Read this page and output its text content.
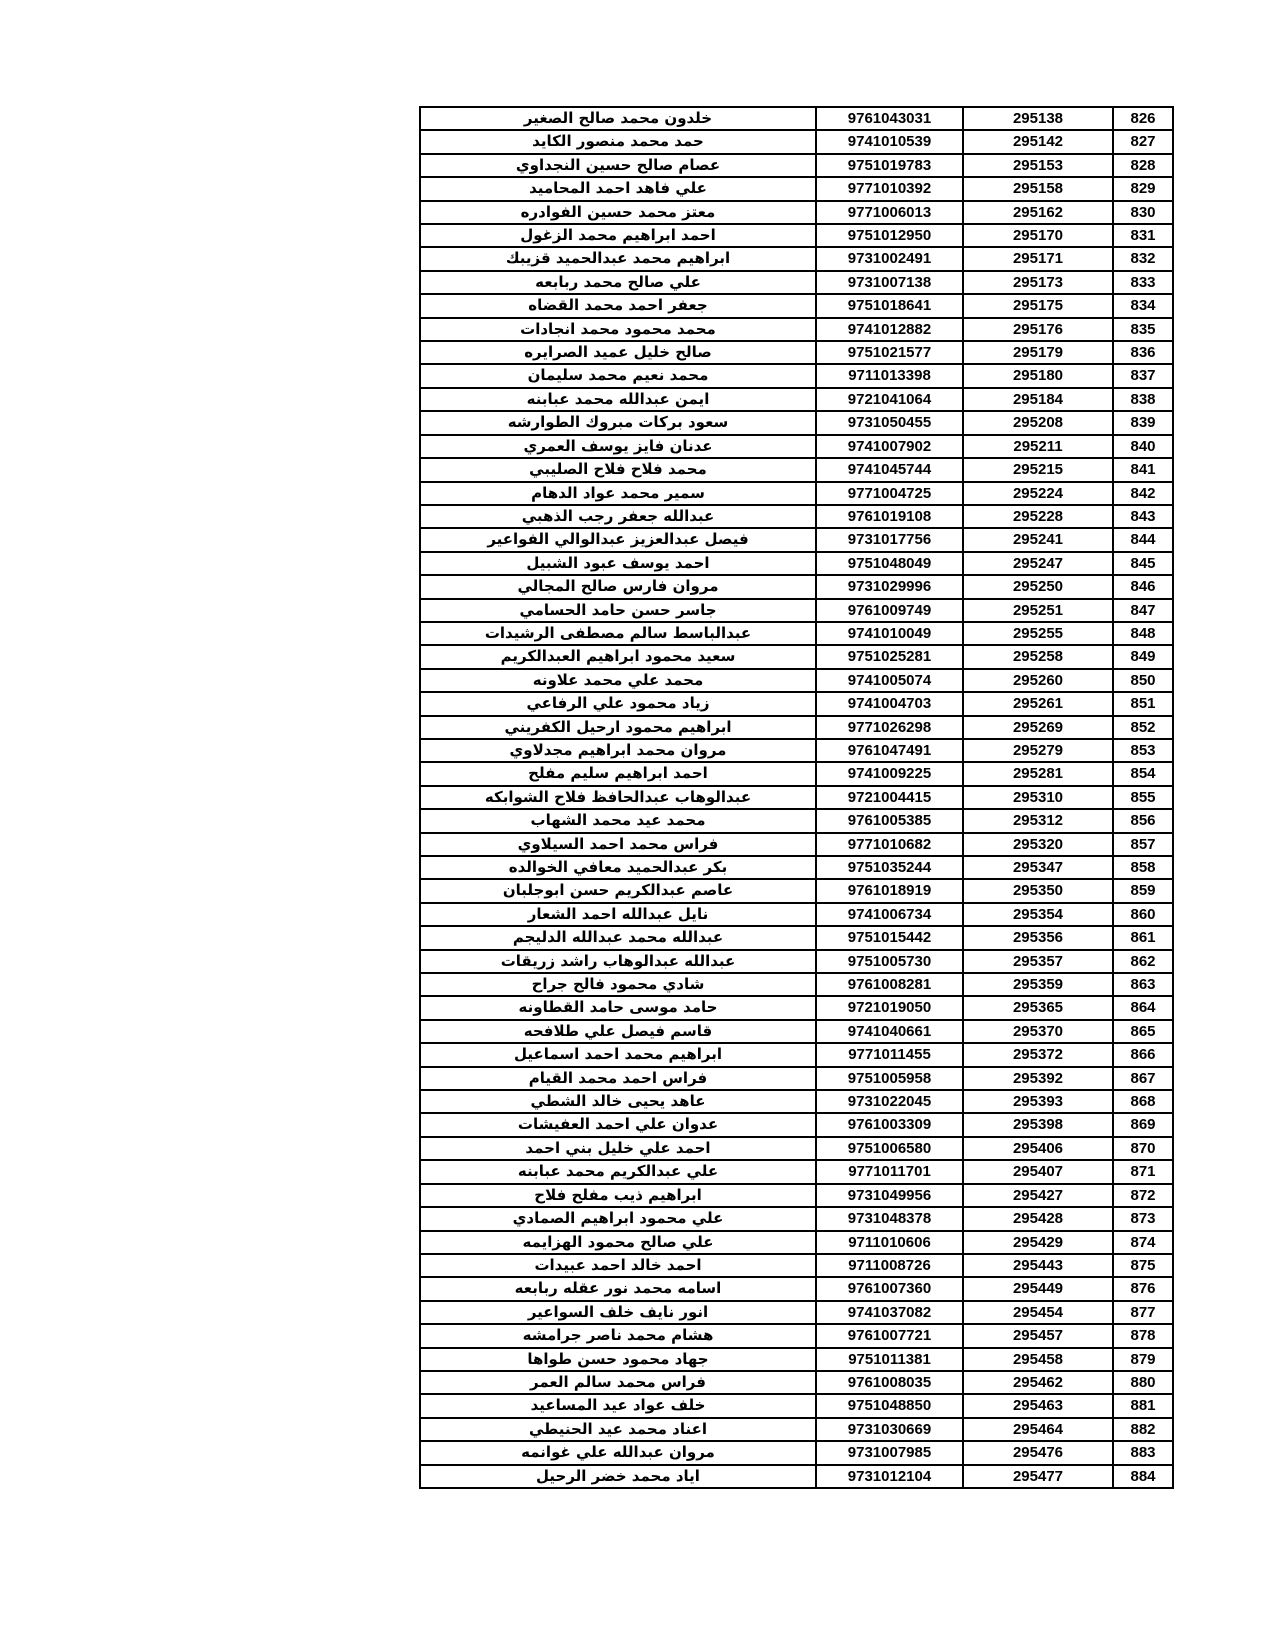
خلدون محمد صالح الصغير	9761043031	295138	826
حمد محمد منصور الكايد	9741010539	295142	827
عصام صالح حسين النجداوي	9751019783	295153	828
علي فاهد احمد المحاميد	9771010392	295158	829
معتز محمد حسين الفوادره	9771006013	295162	830
احمد ابراهيم محمد الزغول	9751012950	295170	831
ابراهيم محمد عبدالحميد قزيبك	9731002491	295171	832
علي صالح محمد ربابعه	9731007138	295173	833
جعفر احمد محمد القضاه	9751018641	295175	834
محمد محمود محمد انجادات	9741012882	295176	835
صالح خليل عميد الصرايره	9751021577	295179	836
محمد نعيم محمد سليمان	9711013398	295180	837
ايمن عبدالله محمد عبابنه	9721041064	295184	838
سعود بركات مبروك الطوارشه	9731050455	295208	839
عدنان فايز يوسف العمري	9741007902	295211	840
محمد فلاح فلاح الصليبي	9741045744	295215	841
سمير محمد عواد الدهام	9771004725	295224	842
عبدالله جعفر رجب الذهبي	9761019108	295228	843
فيصل عبدالعزيز عبدالوالي الفواعير	9731017756	295241	844
احمد يوسف عبود الشبيل	9751048049	295247	845
مروان فارس صالح المجالي	9731029996	295250	846
جاسر حسن حامد الحسامي	9761009749	295251	847
عبدالباسط سالم مصطفى الرشيدات	9741010049	295255	848
سعيد محمود ابراهيم العبدالكريم	9751025281	295258	849
محمد علي محمد علاونه	9741005074	295260	850
زياد محمود علي الرفاعي	9741004703	295261	851
ابراهيم محمود ارحيل الكفريني	9771026298	295269	852
مروان محمد ابراهيم مجدلاوي	9761047491	295279	853
احمد ابراهيم سليم مفلح	9741009225	295281	854
عبدالوهاب عبدالحافظ فلاح الشوابكه	9721004415	295310	855
محمد عيد محمد الشهاب	9761005385	295312	856
فراس محمد احمد السيلاوي	9771010682	295320	857
بكر عبدالحميد معافي الخوالده	9751035244	295347	858
عاصم عبدالكريم حسن ابوجلبان	9761018919	295350	859
نايل عبدالله احمد الشعار	9741006734	295354	860
عبدالله محمد عبدالله الدليجم	9751015442	295356	861
عبدالله عبدالوهاب راشد زريقات	9751005730	295357	862
شادي محمود فالح جراح	9761008281	295359	863
حامد موسى حامد القطاونه	9721019050	295365	864
قاسم فيصل علي طلافحه	9741040661	295370	865
ابراهيم محمد احمد اسماعيل	9771011455	295372	866
فراس احمد محمد القيام	9751005958	295392	867
عاهد يحيى خالد الشطي	9731022045	295393	868
عدوان علي احمد العفيشات	9761003309	295398	869
احمد علي خليل بني احمد	9751006580	295406	870
علي عبدالكريم محمد عبابنه	9771011701	295407	871
ابراهيم ذيب مفلح فلاح	9731049956	295427	872
علي محمود ابراهيم الصمادي	9731048378	295428	873
علي صالح محمود الهزايمه	9711010606	295429	874
احمد خالد احمد عبيدات	9711008726	295443	875
اسامه محمد نور عقله ربابعه	9761007360	295449	876
انور نايف خلف السواعير	9741037082	295454	877
هشام محمد ناصر جرامشه	9761007721	295457	878
جهاد محمود حسن طواها	9751011381	295458	879
فراس محمد سالم العمر	9761008035	295462	880
خلف عواد عيد المساعيد	9751048850	295463	881
اعناد محمد عيد الحنيطي	9731030669	295464	882
مروان عبدالله علي غوانمه	9731007985	295476	883
اياد محمد خضر الرحيل	9731012104	295477	884
